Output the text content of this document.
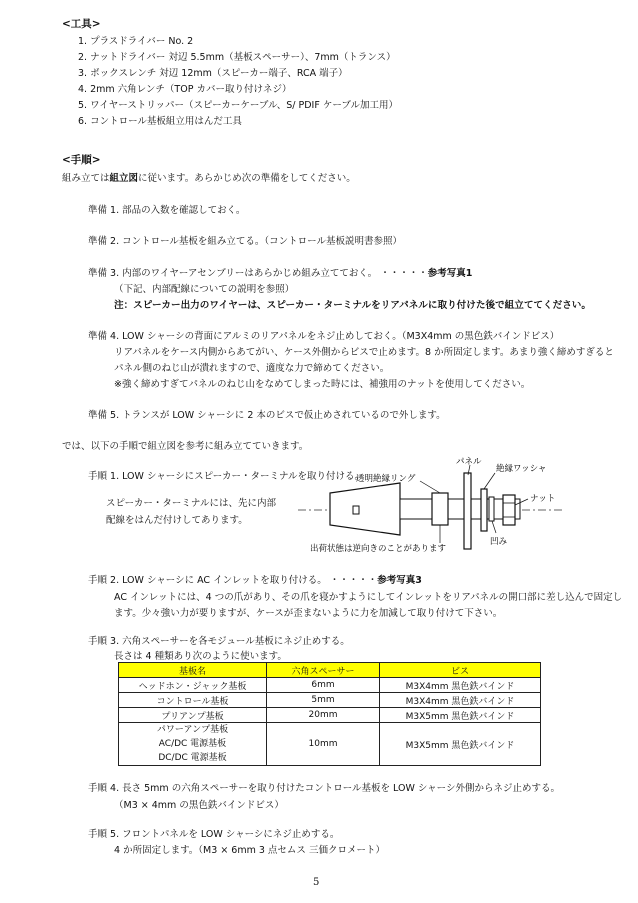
<工具>
1. プラスドライバー No. 2
2. ナットドライバー 対辺 5.5mm（基板スペーサー）、7mm（トランス）
3. ボックスレンチ 対辺 12mm（スピーカー端子、RCA 端子）
4. 2mm 六角レンチ（TOP カバー取り付けネジ）
5. ワイヤーストリッパー（スピーカーケーブル、S/ PDIF ケーブル加工用）
6. コントロール基板組立用はんだ工具
<手順>
組み立ては組立図に従います。あらかじめ次の準備をしてください。
準備 1. 部品の入数を確認しておく。
準備 2. コントロール基板を組み立てる。（コントロール基板説明書参照）
準備 3. 内部のワイヤーアセンブリーはあらかじめ組み立てておく。 ・・・・・参考写真1
（下記、内部配線についての説明を参照）
注：スピーカー出力のワイヤーは、スピーカー・ターミナルをリアパネルに取り付けた後で組立ててください。
準備 4. LOW シャーシの背面にアルミのリアパネルをネジ止めしておく。（M3X4mm の黒色鉄バインドビス）
リアパネルをケース内側からあてがい、ケース外側からビスで止めます。8 か所固定します。あまり強く締めすぎると
パネル側のねじ山が潰れますので、適度な力で締めてください。
※強く締めすぎてパネルのねじ山をなめてしまった時には、補強用のナットを使用してください。
準備 5. トランスが LOW シャーシに 2 本のビスで仮止めされているので外します。
では、以下の手順で組立図を参考に組み立てていきます。
手順 1. LOW シャーシにスピーカー・ターミナルを取り付ける。
スピーカー・ターミナルには、先に内部
配線をはんだ付けしてあります。
透明絶縁リング
パネル
絶縁ワッシャ
ナット
凹み
出荷状態は逆向きのことがあります
手順 2. LOW シャーシに AC インレットを取り付ける。 ・・・・・参考写真3
AC インレットには、4 つの爪があり、その爪を寝かすようにしてインレットをリアパネルの開口部に差し込んで固定し
ます。少々強い力が要りますが、ケースが歪まないように力を加減して取り付けて下さい。
手順 3. 六角スペーサーを各モジュール基板にネジ止めする。
長さは 4 種類あり次のように使います。
基板名	六角スペーサー	ビス
ヘッドホン・ジャック基板	6mm	M3X4mm 黒色鉄バインド
コントロール基板	5mm	M3X4mm 黒色鉄バインド
プリアンプ基板	20mm	M3X5mm 黒色鉄バインド

パワーアンプ基板
AC/DC 電源基板
DC/DC 電源基板	10mm	M3X5mm 黒色鉄バインド
手順 4. 長さ 5mm の六角スペーサーを取り付けたコントロール基板を LOW シャーシ外側からネジ止めする。
（M3 × 4mm の黒色鉄バインドビス）
手順 5. フロントパネルを LOW シャーシにネジ止めする。
4 か所固定します。（M3 × 6mm 3 点セムス 三価クロメート）
5
